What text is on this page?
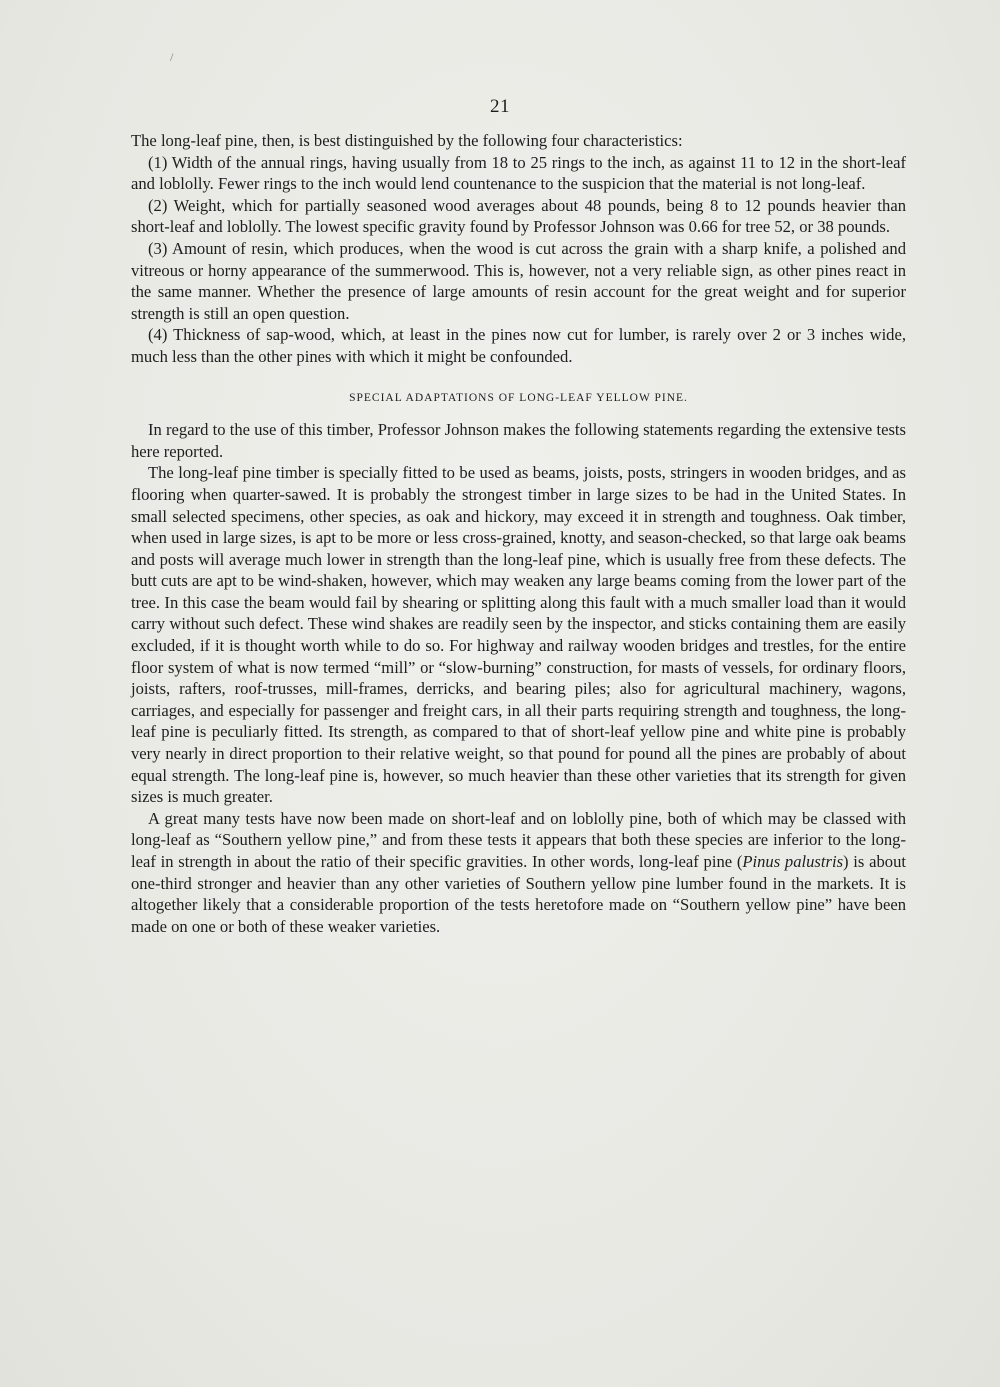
21

The long-leaf pine, then, is best distinguished by the following four characteristics:

(1) Width of the annual rings, having usually from 18 to 25 rings to the inch, as against 11 to 12 in the short-leaf and loblolly. Fewer rings to the inch would lend countenance to the suspicion that the material is not long-leaf.

(2) Weight, which for partially seasoned wood averages about 48 pounds, being 8 to 12 pounds heavier than short-leaf and loblolly. The lowest specific gravity found by Professor Johnson was 0.66 for tree 52, or 38 pounds.

(3) Amount of resin, which produces, when the wood is cut across the grain with a sharp knife, a polished and vitreous or horny appearance of the summerwood. This is, however, not a very reliable sign, as other pines react in the same manner. Whether the presence of large amounts of resin account for the great weight and for superior strength is still an open question.

(4) Thickness of sap-wood, which, at least in the pines now cut for lumber, is rarely over 2 or 3 inches wide, much less than the other pines with which it might be confounded.

SPECIAL ADAPTATIONS OF LONG-LEAF YELLOW PINE.

In regard to the use of this timber, Professor Johnson makes the following statements regarding the extensive tests here reported.

The long-leaf pine timber is specially fitted to be used as beams, joists, posts, stringers in wooden bridges, and as flooring when quarter-sawed. It is probably the strongest timber in large sizes to be had in the United States. In small selected specimens, other species, as oak and hickory, may exceed it in strength and toughness. Oak timber, when used in large sizes, is apt to be more or less cross-grained, knotty, and season-checked, so that large oak beams and posts will average much lower in strength than the long-leaf pine, which is usually free from these defects. The butt cuts are apt to be wind-shaken, however, which may weaken any large beams coming from the lower part of the tree. In this case the beam would fail by shearing or splitting along this fault with a much smaller load than it would carry without such defect. These wind shakes are readily seen by the inspector, and sticks containing them are easily excluded, if it is thought worth while to do so. For highway and railway wooden bridges and trestles, for the entire floor system of what is now termed “mill” or “slow-burning” construction, for masts of vessels, for ordinary floors, joists, rafters, roof-trusses, mill-frames, derricks, and bearing piles; also for agricultural machinery, wagons, carriages, and especially for passenger and freight cars, in all their parts requiring strength and toughness, the long-leaf pine is peculiarly fitted. Its strength, as compared to that of short-leaf yellow pine and white pine is probably very nearly in direct proportion to their relative weight, so that pound for pound all the pines are probably of about equal strength. The long-leaf pine is, however, so much heavier than these other varieties that its strength for given sizes is much greater.

A great many tests have now been made on short-leaf and on loblolly pine, both of which may be classed with long-leaf as “Southern yellow pine,” and from these tests it appears that both these species are inferior to the long-leaf in strength in about the ratio of their specific gravities. In other words, long-leaf pine (Pinus palustris) is about one-third stronger and heavier than any other varieties of Southern yellow pine lumber found in the markets. It is altogether likely that a considerable proportion of the tests heretofore made on “Southern yellow pine” have been made on one or both of these weaker varieties.

/
